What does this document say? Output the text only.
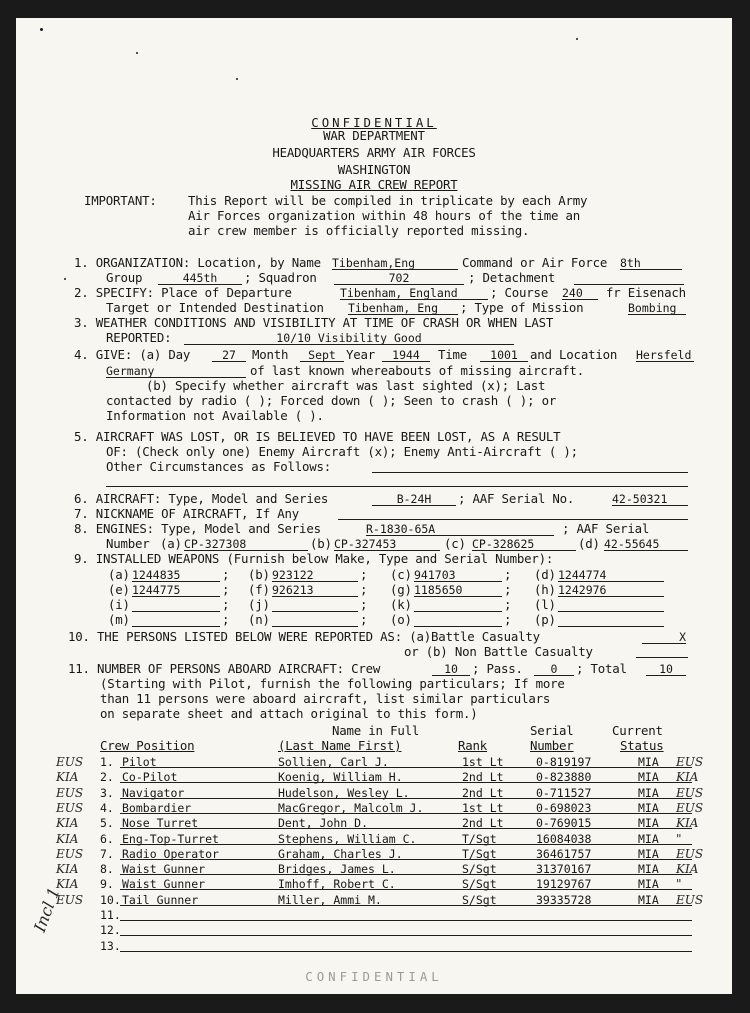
CONFIDENTIAL
WAR DEPARTMENT
HEADQUARTERS ARMY AIR FORCES
WASHINGTON
MISSING AIR CREW REPORT
IMPORTANT:	This Report will be compiled in triplicate by each Army
Air Forces organization within 48 hours of the time an
air crew member is officially reported missing.
1. ORGANIZATION: Location, by Name Tibenham,Eng	Command or Air Force 8th
Group	445th	; Squadron	702	; Detachment
2. SPECIFY: Place of Departure	Tibenham, England	; Course 240	fr Eisenach
Target or Intended Destination Tibenham, Eng	; Type of Mission	Bombing
3. WEATHER CONDITIONS AND VISIBILITY AT TIME OF CRASH OR WHEN LAST
REPORTED:	10/10 Visibility Good
4. GIVE: (a) Day	27	Month	Sept Year	1944	Time	1001 and Location Hersfeld
Germany	of last known whereabouts of missing aircraft.
(b) Specify whether aircraft was last sighted (x); Last
contacted by radio ( ); Forced down ( ); Seen to crash ( ); or
Information not Available ( ).
5. AIRCRAFT WAS LOST, OR IS BELIEVED TO HAVE BEEN LOST, AS A RESULT
OF: (Check only one) Enemy Aircraft (x); Enemy Anti-Aircraft ( );
Other Circumstances as Follows:
6. AIRCRAFT: Type, Model and Series	B-24H	; AAF Serial No.	42-50321
7. NICKNAME OF AIRCRAFT, If Any
8. ENGINES: Type, Model and Series	R-1830-65A	; AAF Serial
Number (a) CP-327308	(b) CP-327453	(c) CP-328625	(d) 42-55645
9. INSTALLED WEAPONS (Furnish below Make, Type and Serial Number):
(a) 1244835	; (b) 923122	; (c) 941703	; (d) 1244774
(e) 1244775	; (f) 926213	; (g) 1185650	; (h) 1242976
(i)	; (j)	; (k)	; (l)
(m)	; (n)	; (o)	; (p)
10. THE PERSONS LISTED BELOW WERE REPORTED AS: (a)Battle Casualty	X
or (b) Non Battle Casualty
11. NUMBER OF PERSONS ABOARD AIRCRAFT: Crew	10	; Pass.	0	; Total	10
(Starting with Pilot, furnish the following particulars; If more
than 11 persons were aboard aircraft, list similar particulars
on separate sheet and attach original to this form.)
Name in Full	Serial	Current
Crew Position	(Last Name First)	Rank	Number	Status
EUS 1. Pilot	Sollien, Carl J.	1st Lt	0-819197	MIA EUS
KIA 2. Co-Pilot	Koenig, William H.	2nd Lt	0-823880	MIA KIA
EUS 3. Navigator	Hudelson, Wesley L.	2nd Lt	0-711527	MIA EUS
EUS 4. Bombardier	MacGregor, Malcolm J.	1st Lt	0-698023	MIA EUS
KIA 5. Nose Turret	Dent, John D.	2nd Lt	0-769015	MIA KIA
KIA 6. Eng-Top-Turret	Stephens, William C.	T/Sgt	16084038	MIA "
EUS 7. Radio Operator	Graham, Charles J.	T/Sgt	36461757	MIA EUS
KIA 8. Waist Gunner	Bridges, James L.	S/Sgt	31370167	MIA KIA
KIA 9. Waist Gunner	Imhoff, Robert C.	S/Sgt	19129767	MIA "
EUS 10. Tail Gunner	Miller, Ammi M.	S/Sgt	39335728	MIA EUS
11.
12.
13.
Incl 1
CONFIDENTIAL
